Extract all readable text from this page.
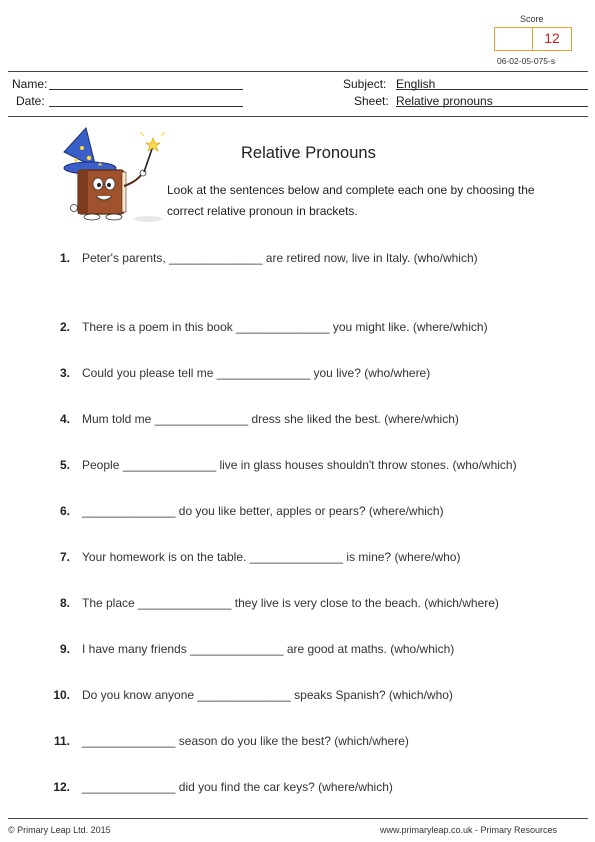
Score
12
06-02-05-075-s
Name:
Date:
Subject: English
Sheet: Relative pronouns
Relative Pronouns
Look at the sentences below and complete each one by choosing the correct relative pronoun in brackets.
1. Peter's parents, ______________ are retired now, live in Italy. (who/which)
2. There is a poem in this book ______________ you might like. (where/which)
3. Could you please tell me ______________ you live? (who/where)
4. Mum told me ______________ dress she liked the best. (where/which)
5. People ______________ live in glass houses shouldn't throw stones. (who/which)
6. ______________ do you like better, apples or pears? (where/which)
7. Your homework is on the table. ______________ is mine? (where/who)
8. The place ______________ they live is very close to the beach. (which/where)
9. I have many friends ______________ are good at maths. (who/which)
10. Do you know anyone ______________ speaks Spanish? (which/who)
11. ______________ season do you like the best? (which/where)
12. ______________ did you find the car keys? (where/which)
© Primary Leap Ltd. 2015	www.primaryleap.co.uk - Primary Resources
